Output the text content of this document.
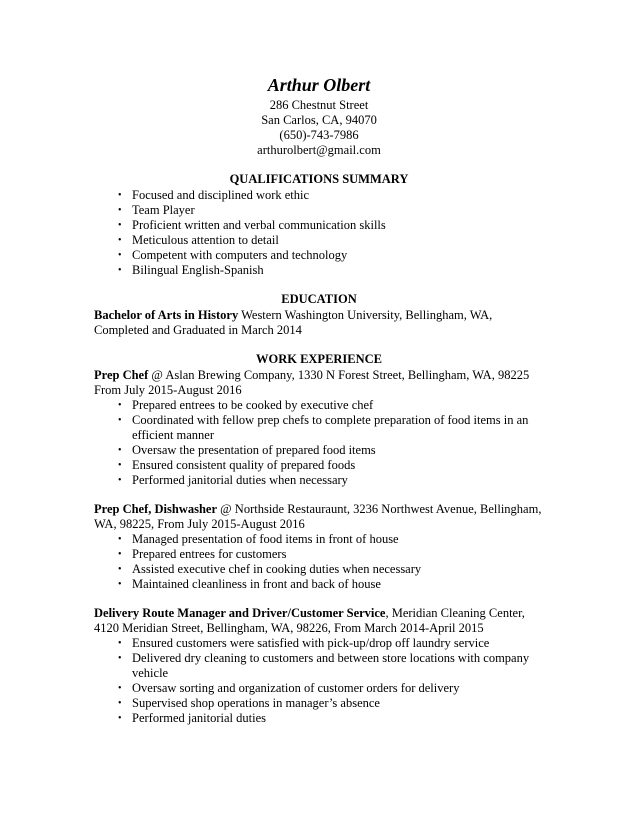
Arthur Olbert
286 Chestnut Street
San Carlos, CA, 94070
(650)-743-7986
arthurolbert@gmail.com
QUALIFICATIONS SUMMARY
• Focused and disciplined work ethic
• Team Player
• Proficient written and verbal communication skills
• Meticulous attention to detail
• Competent with computers and technology
• Bilingual English-Spanish
EDUCATION
Bachelor of Arts in History Western Washington University, Bellingham, WA,
Completed and Graduated in March 2014
WORK EXPERIENCE
Prep Chef @ Aslan Brewing Company, 1330 N Forest Street, Bellingham, WA, 98225 From July 2015-August 2016
• Prepared entrees to be cooked by executive chef
• Coordinated with fellow prep chefs to complete preparation of food items in an efficient manner
• Oversaw the presentation of prepared food items
• Ensured consistent quality of prepared foods
• Performed janitorial duties when necessary
Prep Chef, Dishwasher @ Northside Restauraunt, 3236 Northwest Avenue, Bellingham, WA, 98225, From July 2015-August 2016
• Managed presentation of food items in front of house
• Prepared entrees for customers
• Assisted executive chef in cooking duties when necessary
• Maintained cleanliness in front and back of house
Delivery Route Manager and Driver/Customer Service, Meridian Cleaning Center, 4120 Meridian Street, Bellingham, WA, 98226, From March 2014-April 2015
• Ensured customers were satisfied with pick-up/drop off laundry service
• Delivered dry cleaning to customers and between store locations with company vehicle
• Oversaw sorting and organization of customer orders for delivery
• Supervised shop operations in manager’s absence
• Performed janitorial duties
